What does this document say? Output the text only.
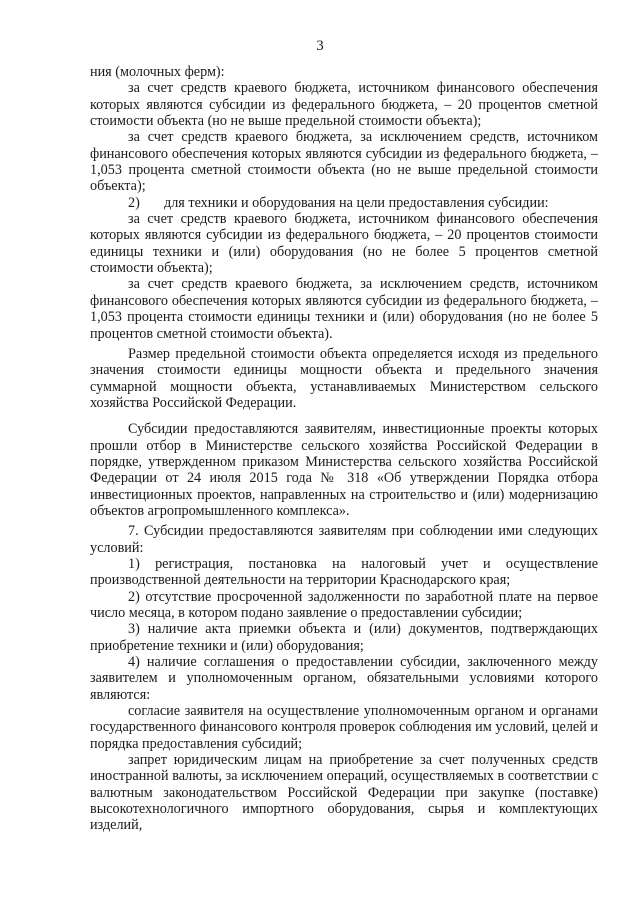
3

ния (молочных ферм):

за счет средств краевого бюджета, источником финансового обеспечения которых являются субсидии из федерального бюджета, – 20 процентов сметной стоимости объекта (но не выше предельной стоимости объекта);

за счет средств краевого бюджета, за исключением средств, источником финансового обеспечения которых являются субсидии из федерального бюджета, – 1,053 процента сметной стоимости объекта (но не выше предельной стоимости объекта);

2) для техники и оборудования на цели предоставления субсидии:

за счет средств краевого бюджета, источником финансового обеспечения которых являются субсидии из федерального бюджета, – 20 процентов стоимости единицы техники и (или) оборудования (но не более 5 процентов сметной стоимости объекта);

за счет средств краевого бюджета, за исключением средств, источником финансового обеспечения которых являются субсидии из федерального бюджета, – 1,053 процента стоимости единицы техники и (или) оборудования (но не более 5 процентов сметной стоимости объекта).

Размер предельной стоимости объекта определяется исходя из предельного значения стоимости единицы мощности объекта и предельного значения суммарной мощности объекта, устанавливаемых Министерством сельского хозяйства Российской Федерации.

Субсидии предоставляются заявителям, инвестиционные проекты которых прошли отбор в Министерстве сельского хозяйства Российской Федерации в порядке, утвержденном приказом Министерства сельского хозяйства Российской Федерации от 24 июля 2015 года № 318 «Об утверждении Порядка отбора инвестиционных проектов, направленных на строительство и (или) модернизацию объектов агропромышленного комплекса».

7. Субсидии предоставляются заявителям при соблюдении ими следующих условий:

1) регистрация, постановка на налоговый учет и осуществление производственной деятельности на территории Краснодарского края;

2) отсутствие просроченной задолженности по заработной плате на первое число месяца, в котором подано заявление о предоставлении субсидии;

3) наличие акта приемки объекта и (или) документов, подтверждающих приобретение техники и (или) оборудования;

4) наличие соглашения о предоставлении субсидии, заключенного между заявителем и уполномоченным органом, обязательными условиями которого являются:

согласие заявителя на осуществление уполномоченным органом и органами государственного финансового контроля проверок соблюдения им условий, целей и порядка предоставления субсидий;

запрет юридическим лицам на приобретение за счет полученных средств иностранной валюты, за исключением операций, осуществляемых в соответствии с валютным законодательством Российской Федерации при закупке (поставке) высокотехнологичного импортного оборудования, сырья и комплектующих изделий,
